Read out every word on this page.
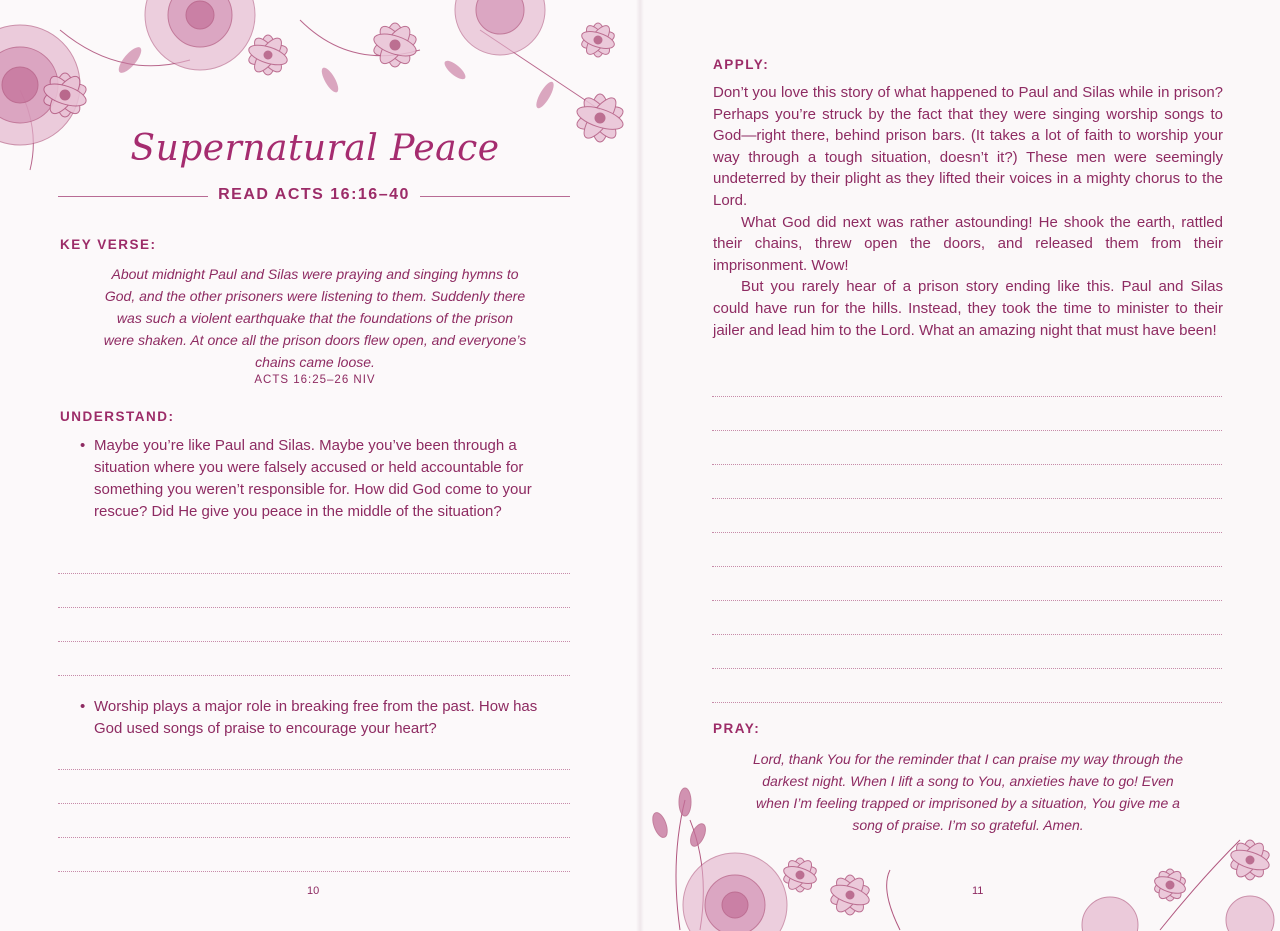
Supernatural Peace
READ ACTS 16:16–40
KEY VERSE:
About midnight Paul and Silas were praying and singing hymns to God, and the other prisoners were listening to them. Suddenly there was such a violent earthquake that the foundations of the prison were shaken. At once all the prison doors flew open, and everyone’s chains came loose.
ACTS 16:25–26 NIV
UNDERSTAND:
• Maybe you’re like Paul and Silas. Maybe you’ve been through a situation where you were falsely accused or held accountable for something you weren’t responsible for. How did God come to your rescue? Did He give you peace in the middle of the situation?
• Worship plays a major role in breaking free from the past. How has God used songs of praise to encourage your heart?
10
APPLY:

Don’t you love this story of what happened to Paul and Silas while in prison? Perhaps you’re struck by the fact that they were singing worship songs to God—right there, behind prison bars. (It takes a lot of faith to worship your way through a tough situation, doesn’t it?) These men were seemingly undeterred by their plight as they lifted their voices in a mighty chorus to the Lord.

What God did next was rather astounding! He shook the earth, rattled their chains, threw open the doors, and released them from their imprisonment. Wow!

But you rarely hear of a prison story ending like this. Paul and Silas could have run for the hills. Instead, they took the time to minister to their jailer and lead him to the Lord. What an amazing night that must have been!

PRAY:
Lord, thank You for the reminder that I can praise my way through the darkest night. When I lift a song to You, anxieties have to go! Even when I’m feeling trapped or imprisoned by a situation, You give me a song of praise. I’m so grateful. Amen.
11
